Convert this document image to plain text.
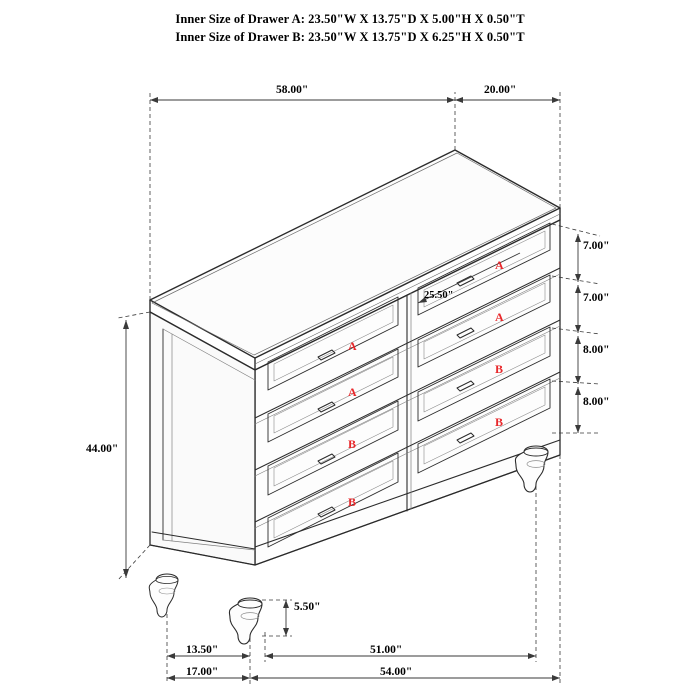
Inner Size of Drawer A: 23.50"W X 13.75"D X 5.00"H X 0.50"T
Inner Size of Drawer B: 23.50"W X 13.75"D X 6.25"H X 0.50"T
58.00"	20.00"
44.00"
5.50"
7.00"
7.00"
8.00"
8.00"
25.50"
13.50"	51.00"
17.00"	54.00"
A
A
B
B
A
A
B
B
